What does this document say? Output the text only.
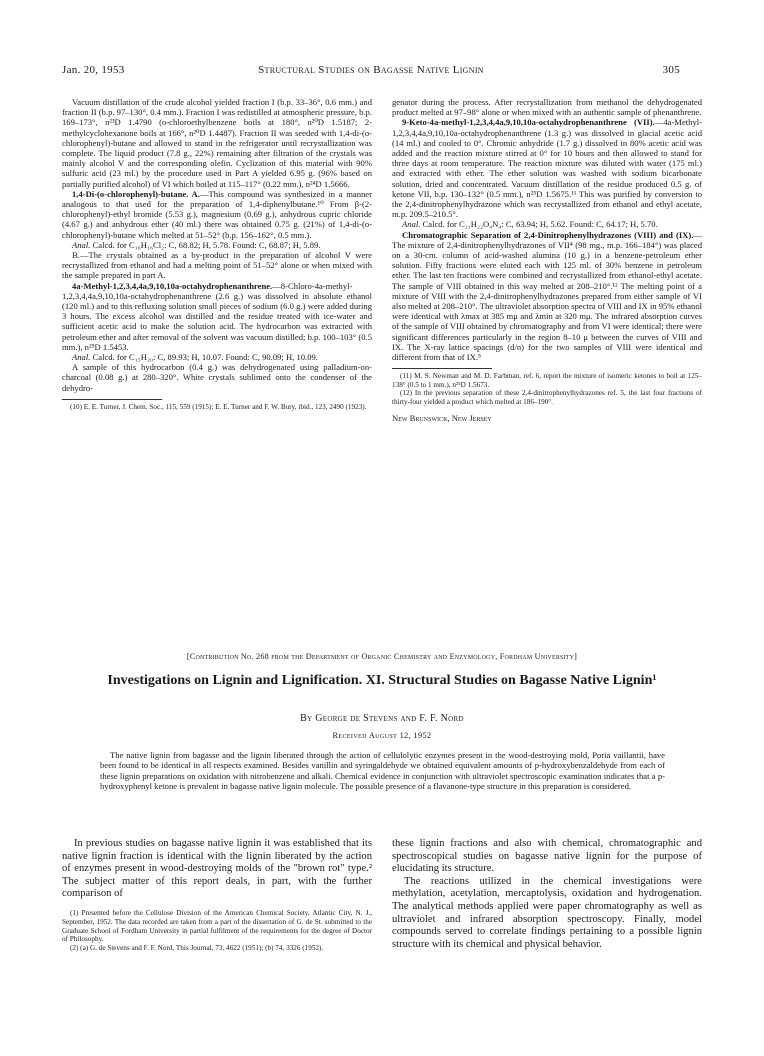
Jan. 20, 1953	Structural Studies on Bagasse Native Lignin	305

Vacuum distillation of the crude alcohol yielded fraction I (b.p. 33–36°, 0.6 mm.) and fraction II (b.p. 97–130°, 0.4 mm.). Fraction I was redistilled at atmospheric pressure, b.p. 169–173°, n²³D 1.4790 (o-chloroethylbenzene boils at 180°, n²⁰D 1.5187; 2-methylcyclohexanone boils at 166°, n²⁰D 1.4487). Fraction II was seeded with 1,4-di-(o-chlorophenyl)-butane and allowed to stand in the refrigerator until recrystallization was complete. The liquid product (7.8 g., 22%) remaining after filtration of the crystals was mainly alcohol V and the corresponding olefin. Cyclization of this material with 90% sulfuric acid (23 ml.) by the procedure used in Part A yielded 6.95 g. (96% based on partially purified alcohol) of VI which boiled at 115–117° (0.22 mm.), n²⁴D 1.5666.

1,4-Di-(o-chlorophenyl)-butane. A.—This compound was synthesized in a manner analogous to that used for the preparation of 1,4-diphenylbutane.¹⁰ From β-(2-chlorophenyl)-ethyl bromide (5.53 g.), magnesium (0.69 g.), anhydrous cupric chloride (4.67 g.) and anhydrous ether (40 ml.) there was obtained 0.75 g. (21%) of 1,4-di-(o-chlorophenyl)-butane which melted at 51–52° (b.p. 156–162°, 0.5 mm.).

Anal. Calcd. for C₁₆H₁₆Cl₂: C, 68.82; H, 5.78. Found: C, 68.87; H, 5.89.

B.—The crystals obtained as a by-product in the preparation of alcohol V were recrystallized from ethanol and had a melting point of 51–52° alone or when mixed with the sample prepared in part A.

4a-Methyl-1,2,3,4,4a,9,10,10a-octahydrophenanthrene.—8-Chloro-4a-methyl-1,2,3,4,4a,9,10,10a-octahydrophenanthrene (2.6 g.) was dissolved in absolute ethanol (120 ml.) and to this refluxing solution small pieces of sodium (6.0 g.) were added during 3 hours. The excess alcohol was distilled and the residue treated with ice-water and sufficient acetic acid to make the solution acid. The hydrocarbon was extracted with petroleum ether and after removal of the solvent was vacuum distilled; b.p. 100–103° (0.5 mm.), n²⁵D 1.5453.

Anal. Calcd. for C₁₅H₂₀: C, 89.93; H, 10.07. Found: C, 90.09; H, 10.09.

A sample of this hydrocarbon (0.4 g.) was dehydrogenated using palladium-on-charcoal (0.08 g.) at 280–320°. White crystals sublimed onto the condenser of the dehydro-

(10) E. E. Turner, J. Chem. Soc., 115, 559 (1915); E. E. Turner and F. W. Bury, ibid., 123, 2490 (1923).

genator during the process. After recrystallization from methanol the dehydrogenated product melted at 97–98° alone or when mixed with an authentic sample of phenanthrene.

9-Keto-4a-methyl-1,2,3,4,4a,9,10,10a-octahydrophenanthrene (VII).—4a-Methyl-1,2,3,4,4a,9,10,10a-octahydrophenanthrene (1.3 g.) was dissolved in glacial acetic acid (14 ml.) and cooled to 0°. Chromic anhydride (1.7 g.) dissolved in 80% acetic acid was added and the reaction mixture stirred at 0° for 10 hours and then allowed to stand for three days at room temperature. The reaction mixture was diluted with water (175 ml.) and extracted with ether. The ether solution was washed with sodium bicarbonate solution, dried and concentrated. Vacuum distillation of the residue produced 0.5 g. of ketone VII, b.p. 130–132° (0.5 mm.), n²⁵D 1.5675.¹¹ This was purified by conversion to the 2,4-dinitrophenylhydrazone which was recrystallized from ethanol and ethyl acetate, m.p. 209.5–210.5°.

Anal. Calcd. for C₂₁H₂₂O₄N₄: C, 63.94; H, 5.62. Found: C, 64.17; H, 5.70.

Chromatographic Separation of 2,4-Dinitrophenylhydrazones (VIII) and (IX).—The mixture of 2,4-dinitrophenylhydrazones of VII⁴ (98 mg., m.p. 166–184°) was placed on a 30-cm. column of acid-washed alumina (10 g.) in a benzene-petroleum ether solution. Fifty fractions were eluted each with 125 ml. of 30% benzene in petroleum ether. The last ten fractions were combined and recrystallized from ethanol-ethyl acetate. The sample of VIII obtained in this way melted at 208–210°.¹² The melting point of a mixture of VIII with the 2,4-dinitrophenylhydrazones prepared from either sample of VI also melted at 208–210°. The ultraviolet absorption spectra of VIII and IX in 95% ethanol were identical with λmax at 385 mμ and λmin at 320 mμ. The infrared absorption curves of the sample of VIII obtained by chromatography and from VI were identical; there were significant differences particularly in the region 8–10 μ between the curves of VIII and IX. The X-ray lattice spacings (d/n) for the two samples of VIII were identical and different from that of IX.⁵

(11) M. S. Newman and M. D. Farbman, ref. 6, report the mixture of isomeric ketones to boil at 125–138° (0.5 to 1 mm.), n²⁵D 1.5673.

(12) In the previous separation of these 2,4-dinitrophenylhydrazones ref. 5, the last four fractions of thirty-four yielded a product which melted at 186–190°.

New Brunswick, New Jersey
[Contribution No. 268 from the Department of Organic Chemistry and Enzymology, Fordham University]
Investigations on Lignin and Lignification. XI. Structural Studies on Bagasse Native Lignin¹
By George de Stevens and F. F. Nord
Received August 12, 1952
The native lignin from bagasse and the lignin liberated through the action of cellulolytic enzymes present in the wood-destroying mold, Poria vaillantii, have been found to be identical in all respects examined. Besides vanillin and syringaldehyde we obtained equivalent amounts of p-hydroxybenzaldehyde from each of these lignin preparations on oxidation with nitrobenzene and alkali. Chemical evidence in conjunction with ultraviolet spectroscopic examination indicates that a p-hydroxyphenyl ketone is prevalent in bagasse native lignin molecule. The possible presence of a flavanone-type structure in this preparation is considered.

In previous studies on bagasse native lignin it was established that its native lignin fraction is identical with the lignin liberated by the action of enzymes present in wood-destroying molds of the "brown rot" type.² The subject matter of this report deals, in part, with the further comparison of

(1) Presented before the Cellulose Division of the American Chemical Society, Atlantic City, N. J., September, 1952. The data recorded are taken from a part of the dissertation of G. de St. submitted to the Graduate School of Fordham University in partial fulfilment of the requirements for the degree of Doctor of Philosophy.

(2) (a) G. de Stevens and F. F. Nord, This Journal, 73, 4622 (1951); (b) 74, 3326 (1952).

these lignin fractions and also with chemical, chromatographic and spectroscopical studies on bagasse native lignin for the purpose of elucidating its structure.

The reactions utilized in the chemical investigations were methylation, acetylation, mercaptolysis, oxidation and hydrogenation. The analytical methods applied were paper chromatography as well as ultraviolet and infrared absorption spectroscopy. Finally, model compounds served to correlate findings pertaining to a possible lignin structure with its chemical and physical behavior.
